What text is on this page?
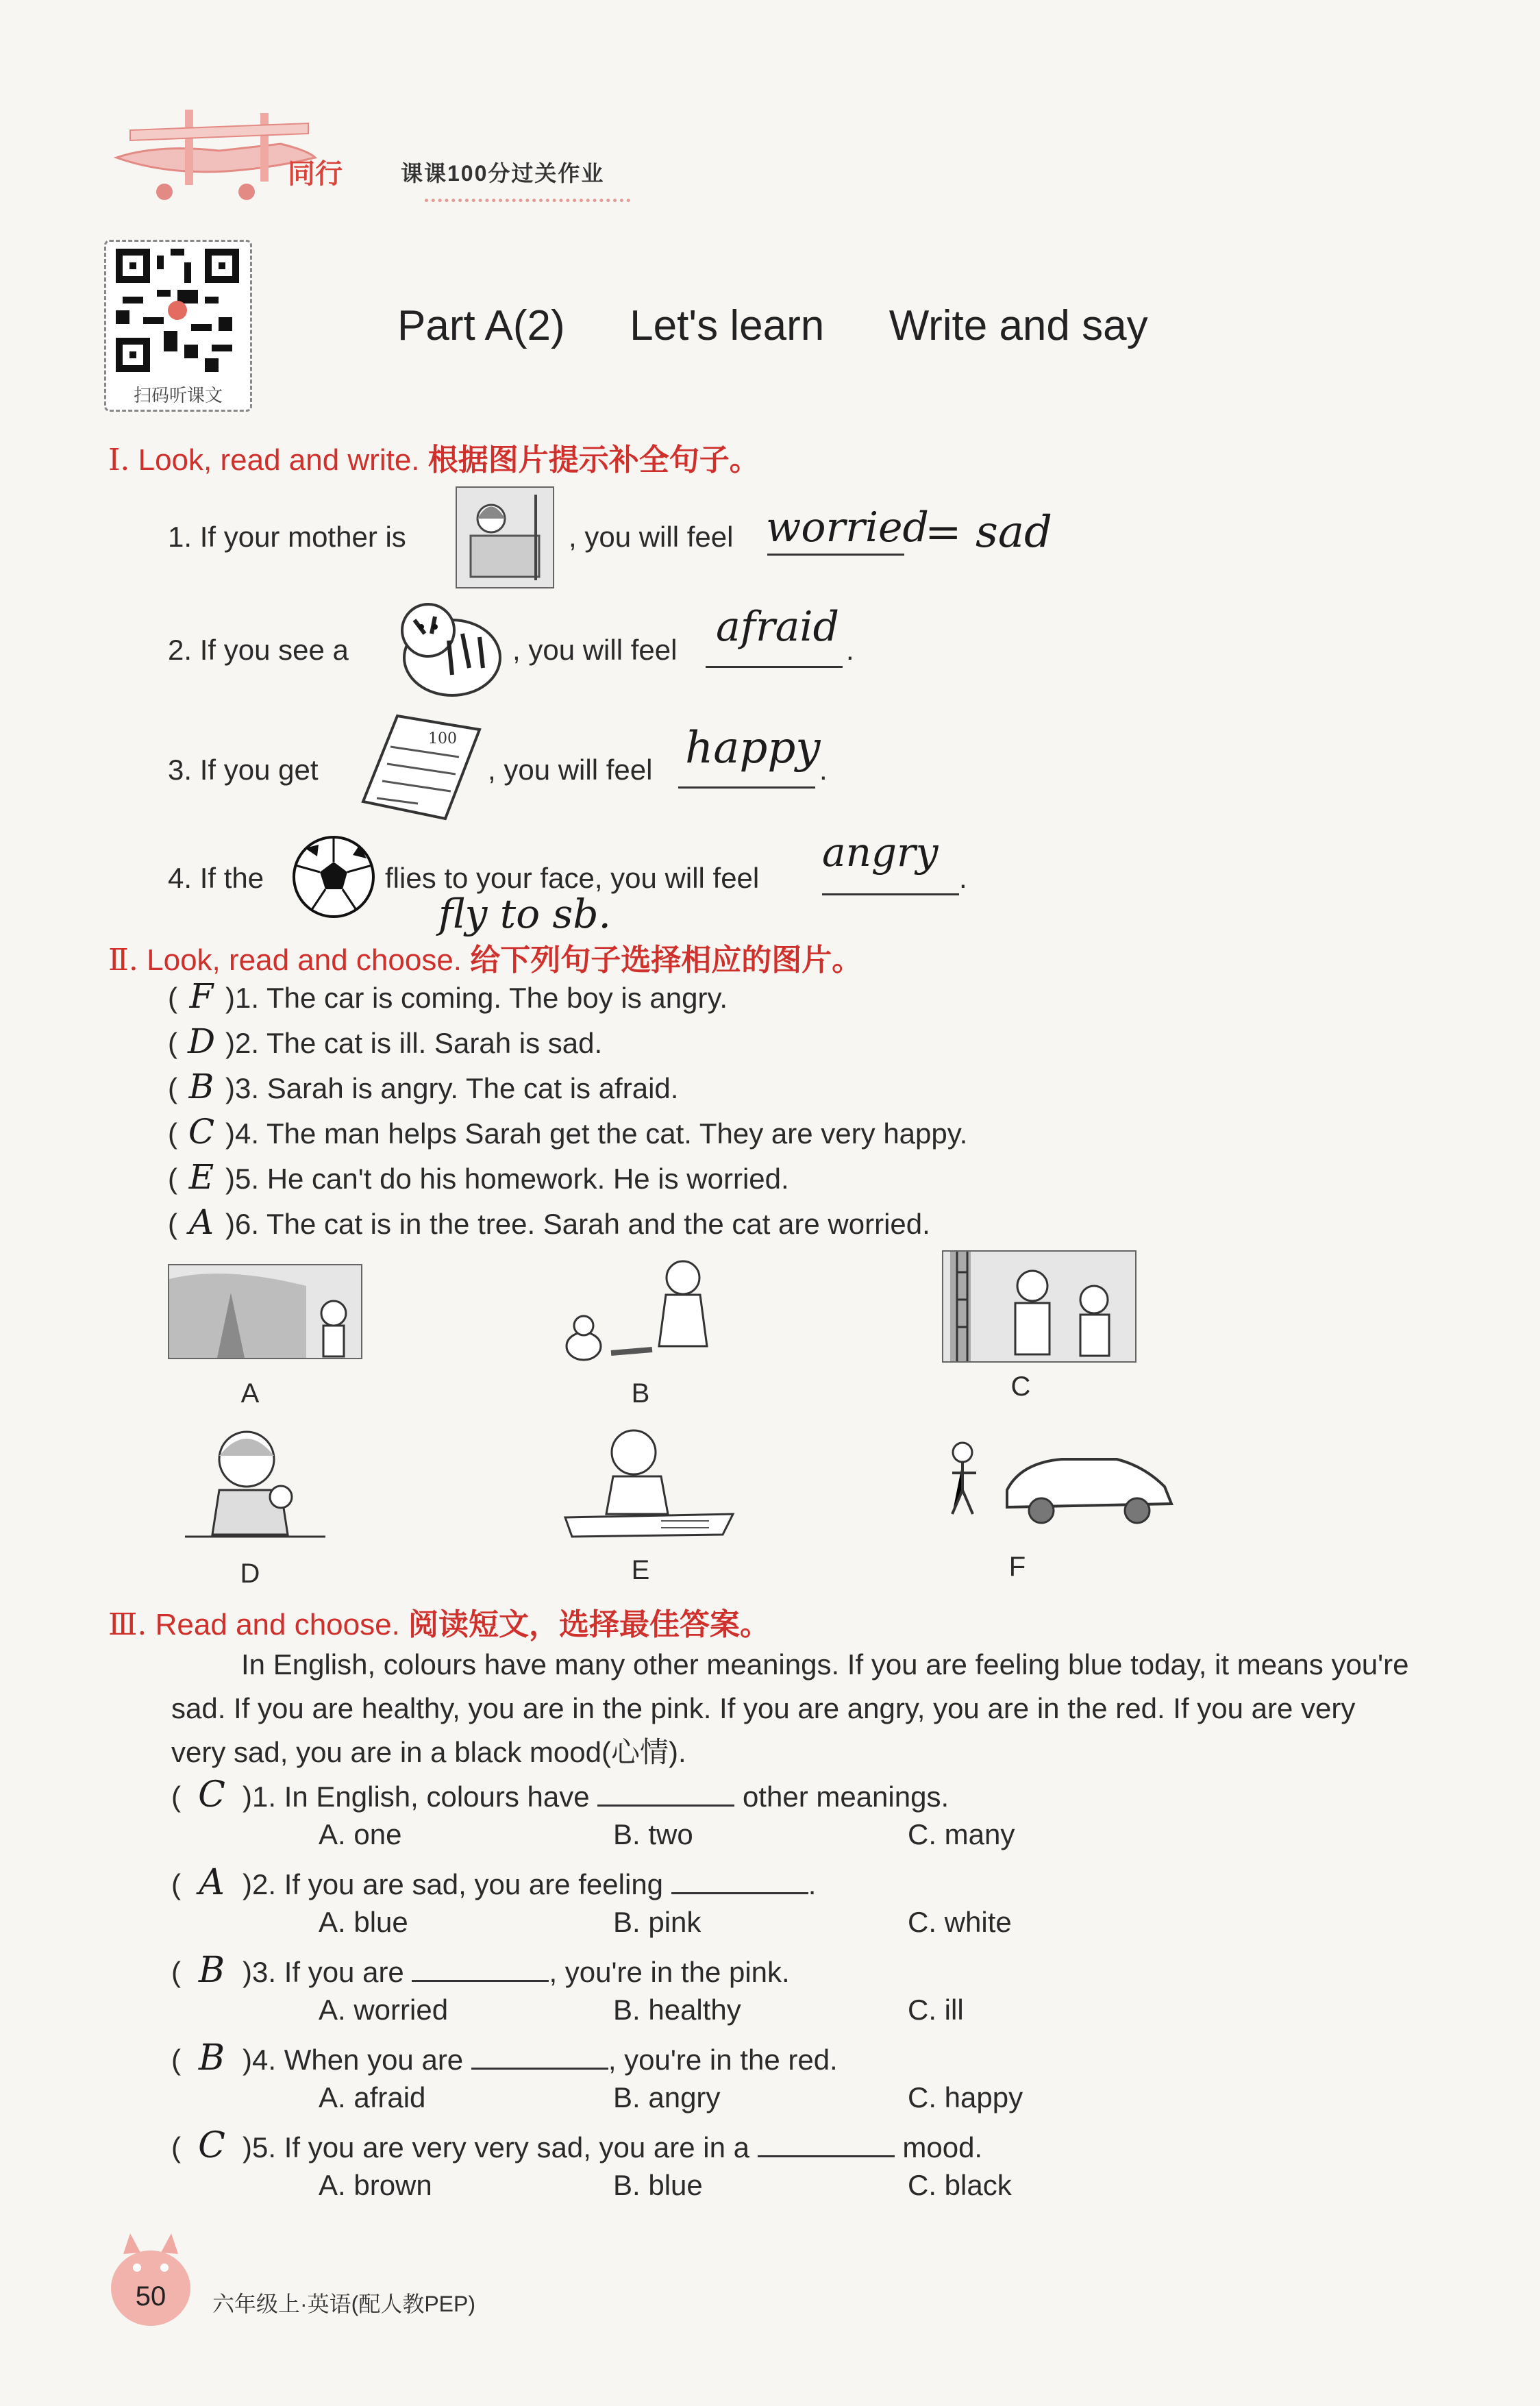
同行	课课100分过关作业
扫码听课文
Part A(2) Let's learn Write and say
Ⅰ. Look, read and write. 根据图片提示补全句子。
1. If your mother is	, you will feel worried
= sad
2. If you see a	, you will feel afraid .
3. If you get
100
, you will feel happy
.
4. If the	flies to your face, you will feel
angry
.
fly to sb.
Ⅱ. Look, read and choose. 给下列句子选择相应的图片。
( F )1. The car is coming. The boy is angry.
( D )2. The cat is ill. Sarah is sad.
( B )3. Sarah is angry. The cat is afraid.
( C )4. The man helps Sarah get the cat. They are very happy.
( E )5. He can't do his homework. He is worried.
( A )6. The cat is in the tree. Sarah and the cat are worried.
A	B	C
D	E	F
Ⅲ. Read and choose. 阅读短文，选择最佳答案。
In English, colours have many other meanings. If you are feeling blue today, it means you're
sad. If you are healthy, you are in the pink. If you are angry, you are in the red. If you are very
very sad, you are in a black mood(心情).
( C )1. In English, colours have	other meanings.
A. one	B. two	C. many
( A )2. If you are sad, you are feeling	.
A. blue	B. pink	C. white
( B )3. If you are	, you're in the pink.
A. worried	B. healthy	C. ill
( B )4. When you are	, you're in the red.
A. afraid	B. angry	C. happy
( C )5. If you are very very sad, you are in a	mood.
A. brown	B. blue	C. black
50	六年级上·英语(配人教PEP)
